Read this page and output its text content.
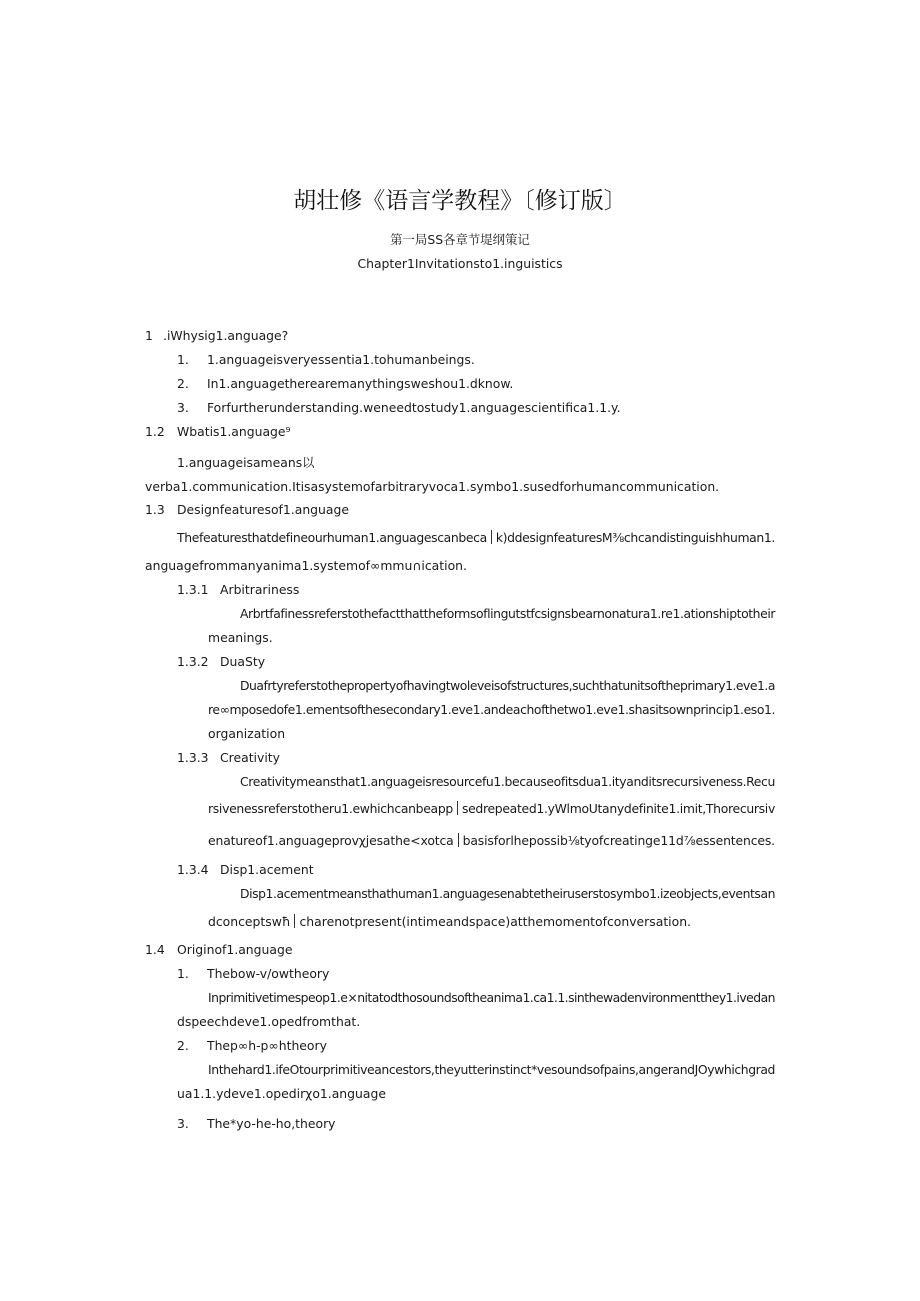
胡壮修《语言学教程》〔修订版〕
第一局SS各章节堤纲策记
Chapter1Invitationsto1.inguistics
1 .iWhysig1.anguage?
1. 1.anguageisveryessentia1.tohumanbeings.
2. In1.anguagetherearemanythingsweshou1.dknow.
3. Forfurtherunderstanding.weneedtostudy1.anguagescientifica1.1.y.
1.2 Wbatis1.anguage⁹
1.anguageisameans以
verba1.communication.Itisasystemofarbitraryvoca1.symbo1.susedforhumancommunication.
1.3 Designfeaturesof1.anguage
Thefeaturesthatdefineourhuman1.anguagescanbeca k)ddesignfeaturesM⅜chcandistinguishhuman1.
anguagefrommanyanima1.systemof∞mmu∩ication.
1.3.1 Arbitrariness
Arbrtfafinessreferstothefactthattheformsoflingutstfcsignsbearnonatura1.re1.ationshiptotheir
meanings.
1.3.2 DuaSty
Duafrtyreferstothepropertyofhavingtwoleveisofstructures,suchthatunitsoftheprimary1.eve1.a
re∞mposedofe1.ementsofthesecondary1.eve1.andeachofthetwo1.eve1.shasitsownprincip1.eso1.
organization
1.3.3 Creativity
Creativitymeansthat1.anguageisresourcefu1.becauseofitsdua1.ityanditsrecursiveness.Recu
rsivenessreferstotheru1.ewhichcanbeapp sedrepeated1.yWlmoUtanydefinite1.imit,Thorecursiv
enatureof1.anguageprovχjesathe<xotca basisforlhepossib⅛tyofcreatinge11d⅞essentences.
1.3.4 Disp1.acement
Disp1.acementmeansthathuman1.anguagesenabtetheiruserstosymbo1.izeobjects,eventsan
dconceptswħ charenotpresent(intimeandspace)atthemomentofconversation.
1.4 Originof1.anguage
1. Thebow-v/owtheory
Inprimitivetimespeop1.e×nitatodthosoundsoftheanima1.ca1.1.sinthewadenvironmentthey1.ivedan
dspeechdeve1.opedfromthat.
2. Thep∞h-p∞htheory
Inthehard1.ifeOtourprimitiveancestors,theyutterinstinct*vesoundsofpains,angerandJOywhichgrad
ua1.1.ydeve1.opedirχo1.anguage
3. The*yo-he-ho,theory
